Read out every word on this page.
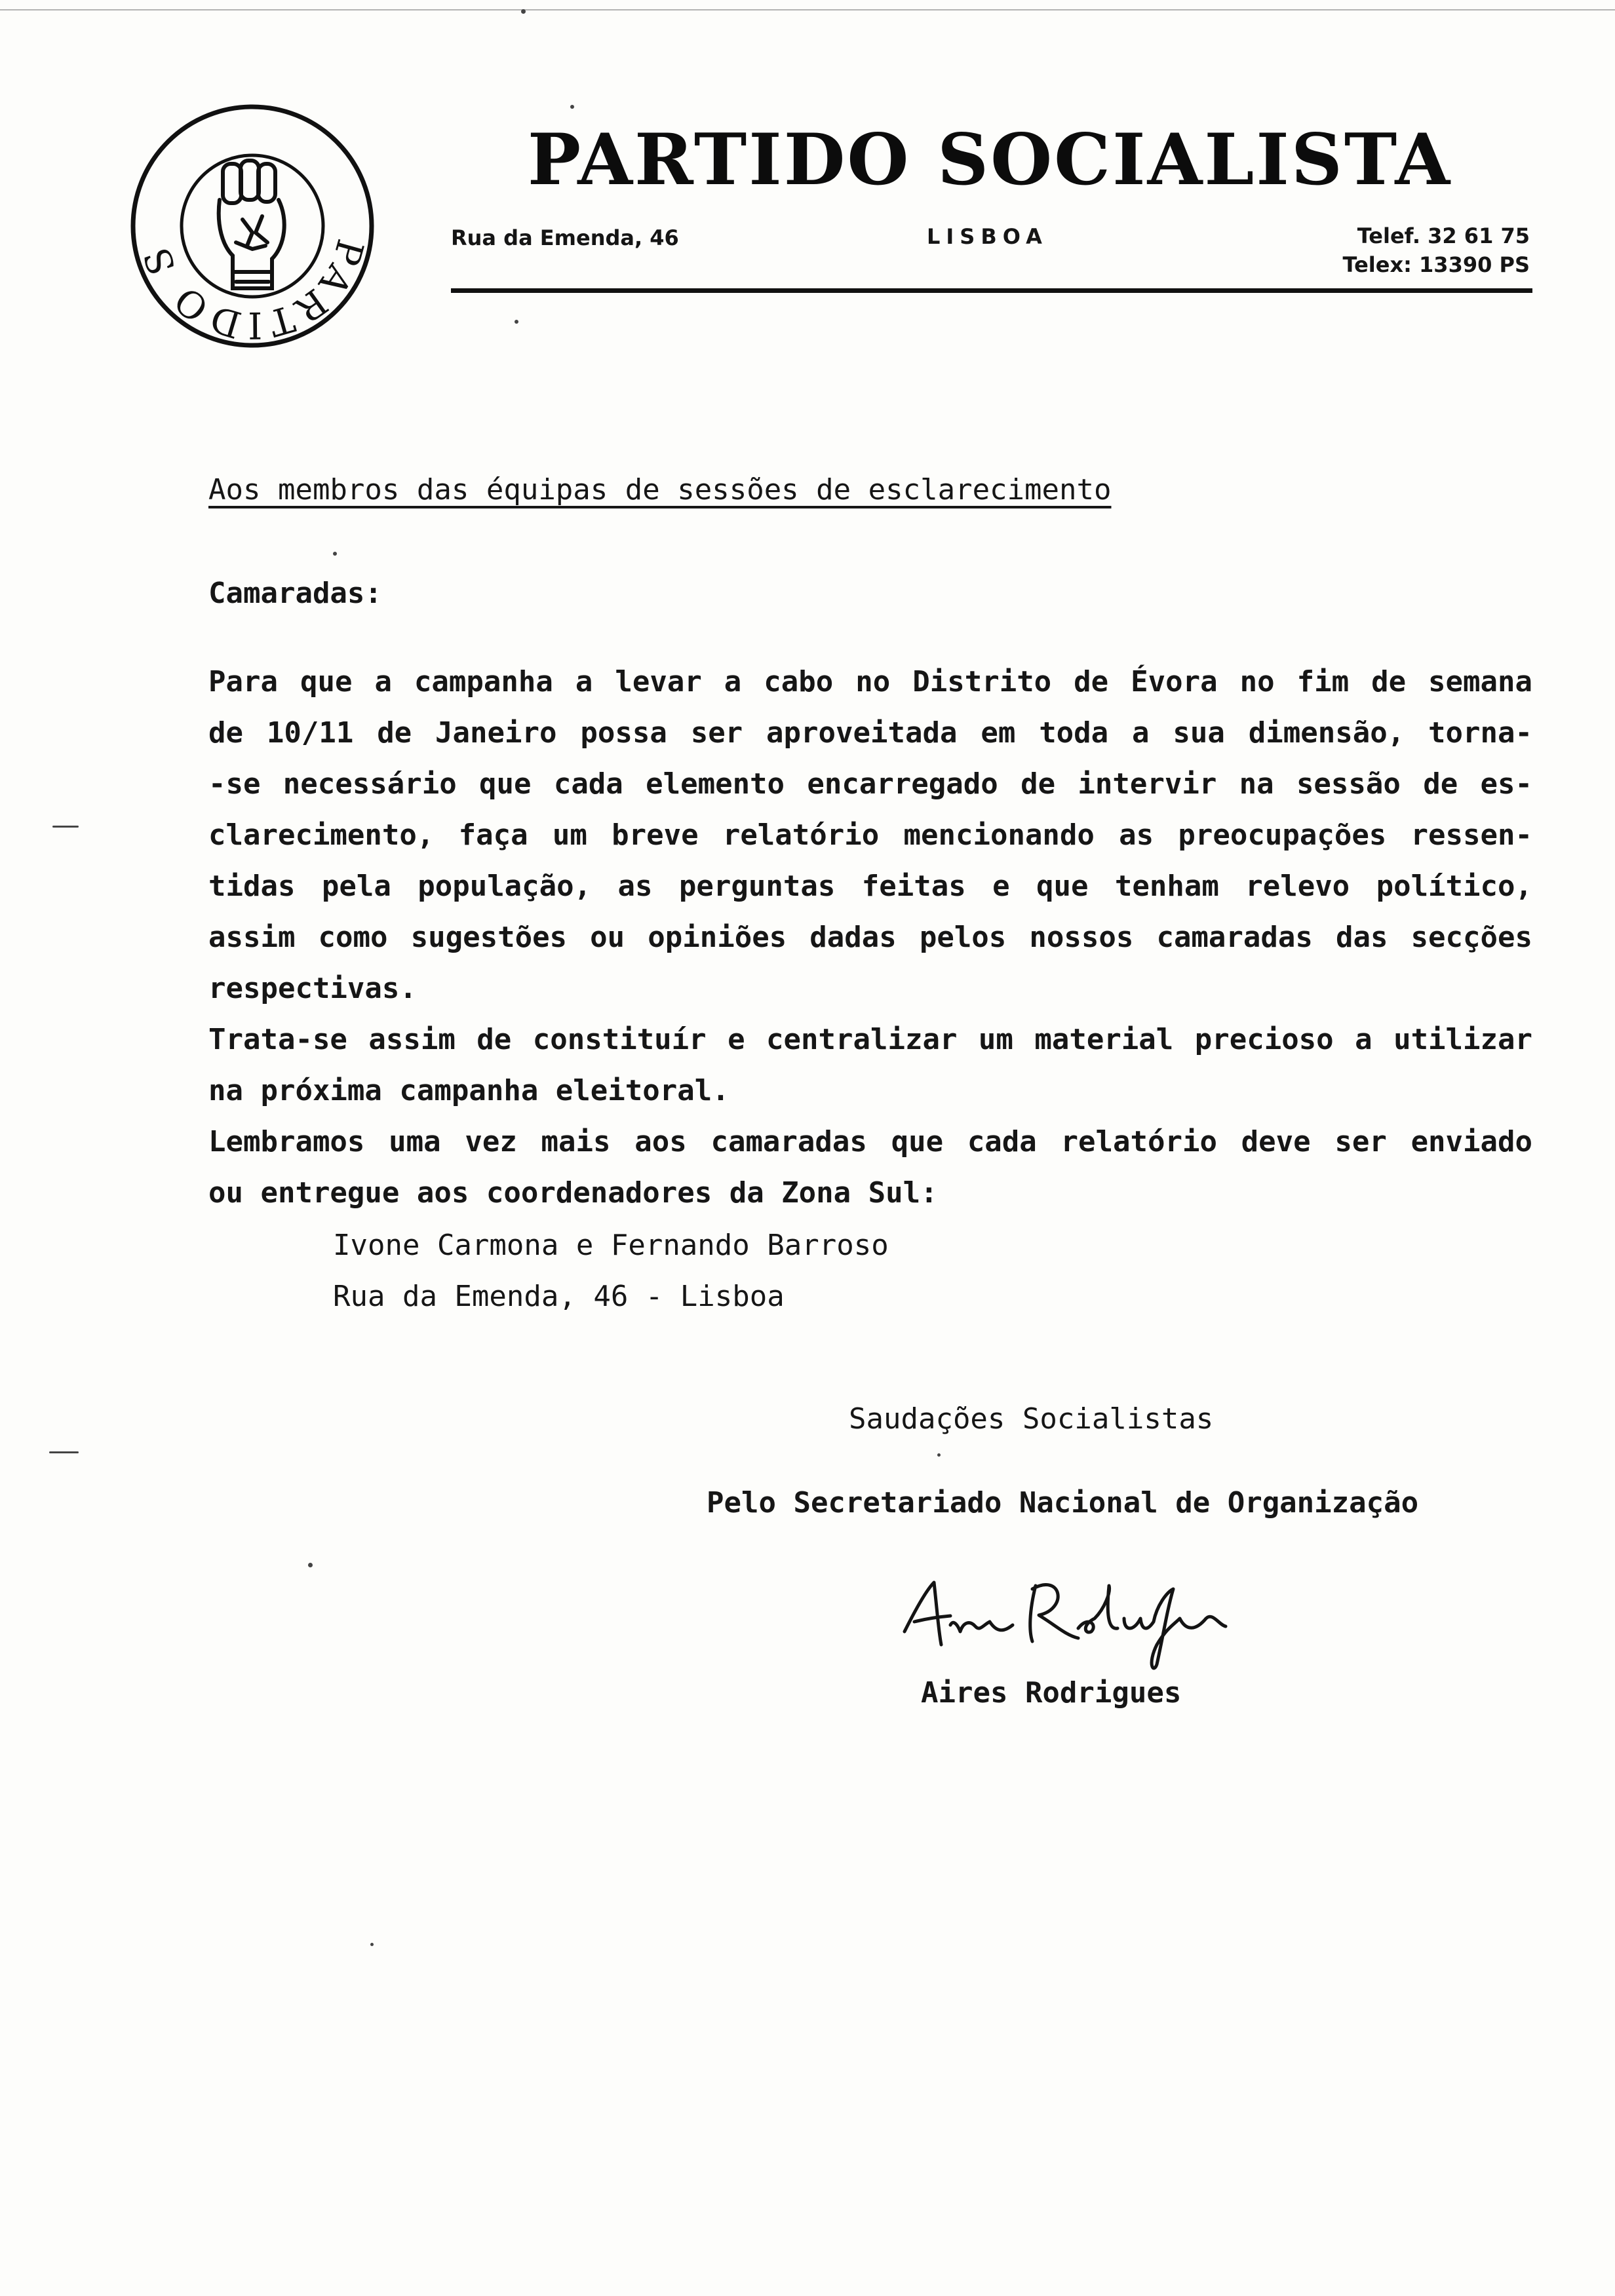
PARTIDO S
PARTIDO SOCIALISTA
Rua da Emenda, 46	LISBOA	Telef. 32 61 75
Telex: 13390 PS
Aos membros das équipas de sessões de esclarecimento
Camaradas:
Para que a campanha a levar a cabo no Distrito de Évora no fim de semana
de 10/11 de Janeiro possa ser aproveitada em toda a sua dimensão, torna-
-se necessário que cada elemento encarregado de intervir na sessão de es-
clarecimento, faça um breve relatório mencionando as preocupações ressen-
tidas pela população, as perguntas feitas e que tenham relevo político,
assim como sugestões ou opiniões dadas pelos nossos camaradas das secções
respectivas.
Trata-se assim de constituír e centralizar um material precioso a utilizar
na próxima campanha eleitoral.
Lembramos uma vez mais aos camaradas que cada relatório deve ser enviado
ou entregue aos coordenadores da Zona Sul:
Ivone Carmona e Fernando Barroso
Rua da Emenda, 46 - Lisboa
Saudações Socialistas
Pelo Secretariado Nacional de Organização
Aires Rodrigues
